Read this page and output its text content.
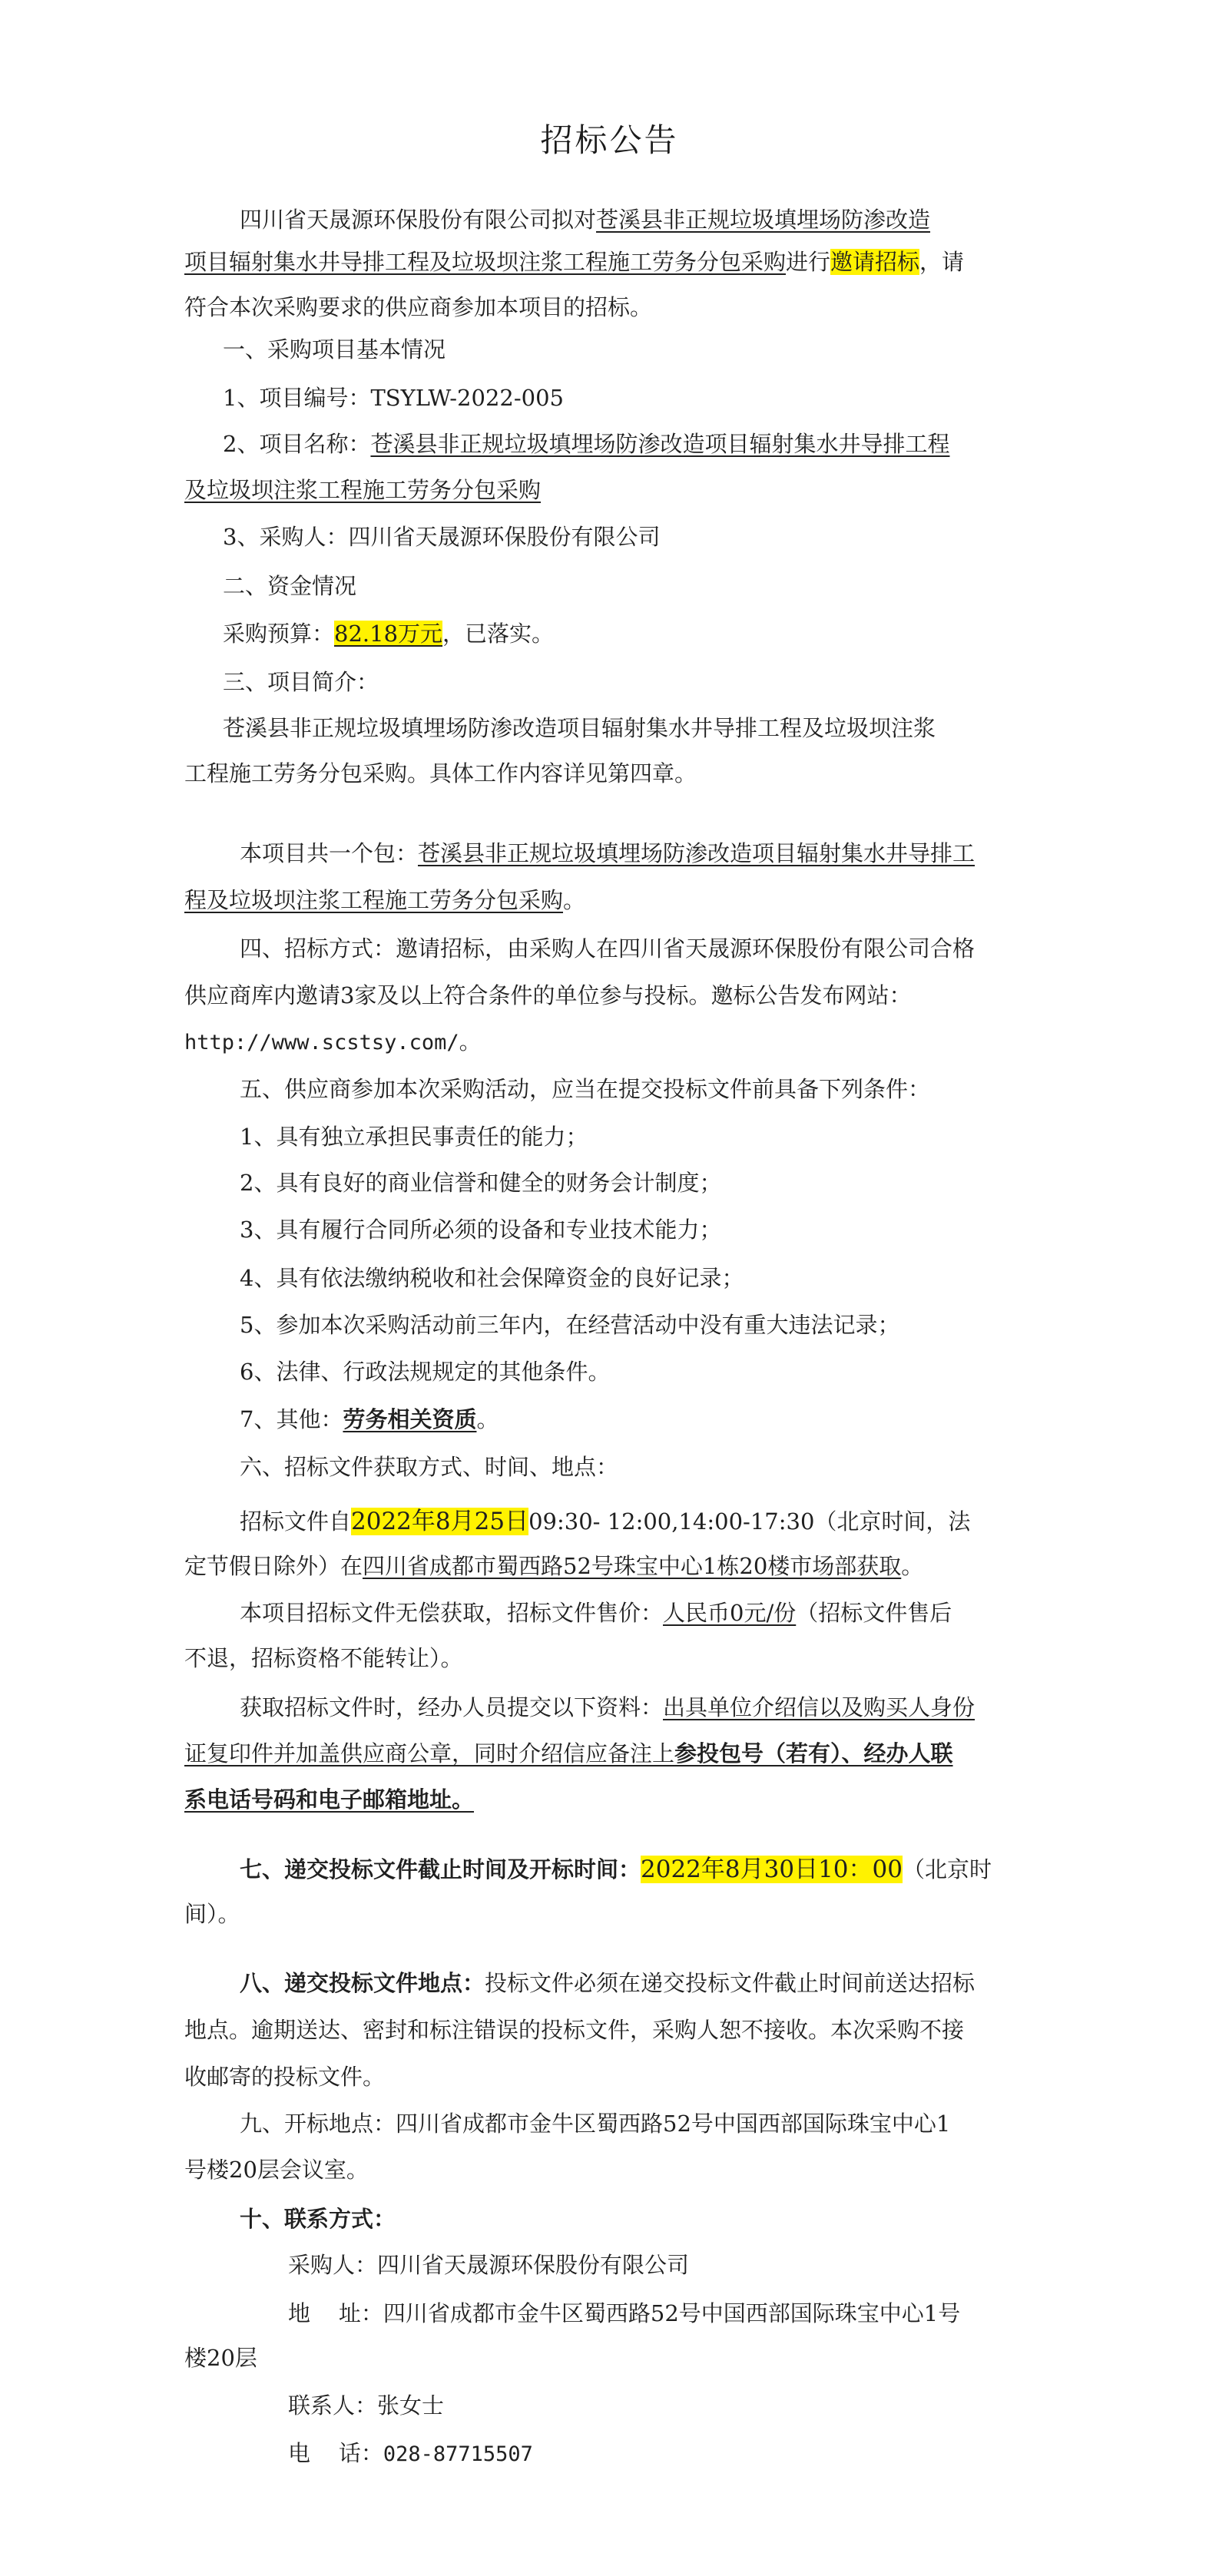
招标公告
四川省天晟源环保股份有限公司拟对苍溪县非正规垃圾填埋场防渗改造
项目辐射集水井导排工程及垃圾坝注浆工程施工劳务分包采购进行邀请招标，请
符合本次采购要求的供应商参加本项目的招标。
一、采购项目基本情况
1、项目编号：TSYLW-2022-005
2、项目名称：苍溪县非正规垃圾填埋场防渗改造项目辐射集水井导排工程
及垃圾坝注浆工程施工劳务分包采购
3、采购人：四川省天晟源环保股份有限公司
二、资金情况
采购预算：82.18万元，已落实。
三、项目简介：
苍溪县非正规垃圾填埋场防渗改造项目辐射集水井导排工程及垃圾坝注浆
工程施工劳务分包采购。具体工作内容详见第四章。
本项目共一个包：苍溪县非正规垃圾填埋场防渗改造项目辐射集水井导排工
程及垃圾坝注浆工程施工劳务分包采购。
四、招标方式：邀请招标，由采购人在四川省天晟源环保股份有限公司合格
供应商库内邀请3家及以上符合条件的单位参与投标。邀标公告发布网站：
http://www.scstsy.com/。
五、供应商参加本次采购活动，应当在提交投标文件前具备下列条件：
1、具有独立承担民事责任的能力；
2、具有良好的商业信誉和健全的财务会计制度；
3、具有履行合同所必须的设备和专业技术能力；
4、具有依法缴纳税收和社会保障资金的良好记录；
5、参加本次采购活动前三年内，在经营活动中没有重大违法记录；
6、法律、行政法规规定的其他条件。
7、其他：劳务相关资质。
六、招标文件获取方式、时间、地点：
招标文件自2022年8月25日09:30- 12:00,14:00-17:30（北京时间，法
定节假日除外）在四川省成都市蜀西路52号珠宝中心1栋20楼市场部获取。
本项目招标文件无偿获取，招标文件售价：人民币0元/份（招标文件售后
不退，招标资格不能转让）。
获取招标文件时，经办人员提交以下资料：出具单位介绍信以及购买人身份
证复印件并加盖供应商公章，同时介绍信应备注上参投包号（若有）、经办人联
系电话号码和电子邮箱地址。
七、递交投标文件截止时间及开标时间：2022年8月30日10：00（北京时
间）。
八、递交投标文件地点：投标文件必须在递交投标文件截止时间前送达招标
地点。逾期送达、密封和标注错误的投标文件，采购人恕不接收。本次采购不接
收邮寄的投标文件。
九、开标地点：四川省成都市金牛区蜀西路52号中国西部国际珠宝中心1
号楼20层会议室。
十、联系方式：
采购人：四川省天晟源环保股份有限公司
地    址：四川省成都市金牛区蜀西路52号中国西部国际珠宝中心1号
楼20层
联系人：张女士
电    话：028-87715507
